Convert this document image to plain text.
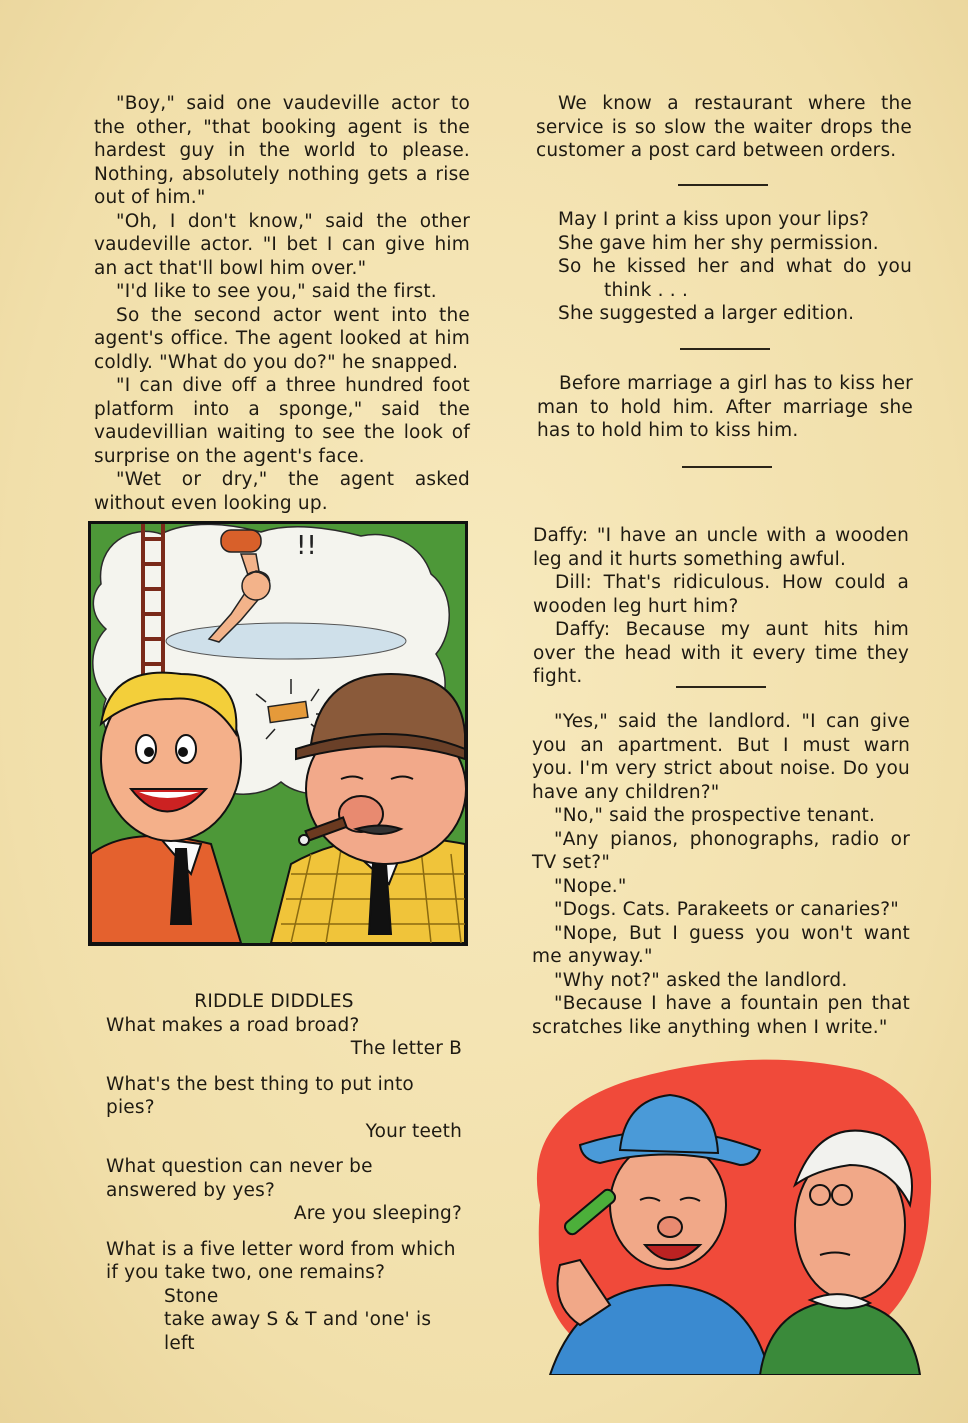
"Boy," said one vaudeville actor to the other, "that booking agent is the hardest guy in the world to please. Nothing, absolutely nothing gets a rise out of him."

"Oh, I don't know," said the other vaudeville actor. "I bet I can give him an act that'll bowl him over."

"I'd like to see you," said the first.

So the second actor went into the agent's office. The agent looked at him coldly. "What do you do?" he snapped.

"I can dive off a three hundred foot platform into a sponge," said the vaudevillian waiting to see the look of surprise on the agent's face.

"Wet or dry," the agent asked without even looking up.

!!

RIDDLE DIDDLES

What makes a road broad?

The letter B

What's the best thing to put into pies?

Your teeth

What question can never be answered by yes?

Are you sleeping?

What is a five letter word from which if you take two, one remains?

Stone

take away S & T and 'one' is left

We know a restaurant where the service is so slow the waiter drops the customer a post card between orders.

May I print a kiss upon your lips?

She gave him her shy permission.

So he kissed her and what do you

think . . .

She suggested a larger edition.

Before marriage a girl has to kiss her man to hold him. After marriage she has to hold him to kiss him.

Daffy: "I have an uncle with a wooden leg and it hurts something awful.

Dill: That's ridiculous. How could a wooden leg hurt him?

Daffy: Because my aunt hits him over the head with it every time they fight.

"Yes," said the landlord. "I can give you an apartment. But I must warn you. I'm very strict about noise. Do you have any children?"

"No," said the prospective tenant.

"Any pianos, phonographs, radio or TV set?"

"Nope."

"Dogs. Cats. Parakeets or canaries?"

"Nope, But I guess you won't want me anyway."

"Why not?" asked the landlord.

"Because I have a fountain pen that scratches like anything when I write."
